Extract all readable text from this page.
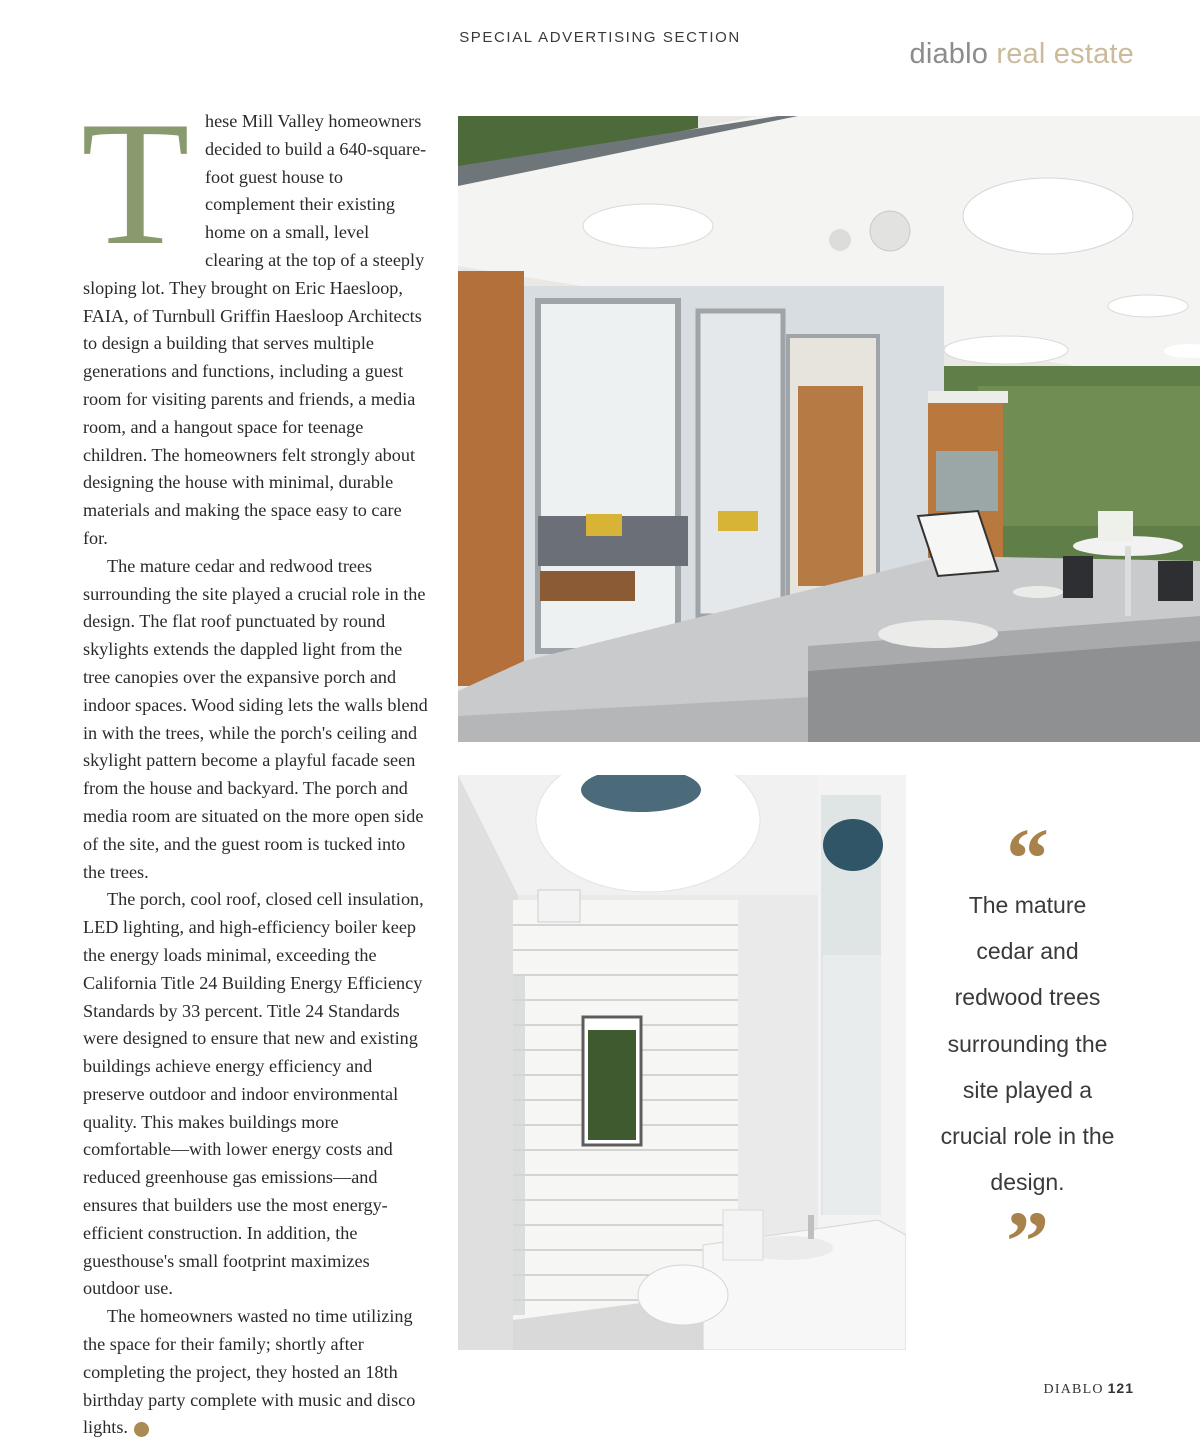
SPECIAL ADVERTISING SECTION
diablo real estate

These Mill Valley homeowners decided to build a 640-square-foot guest house to complement their existing home on a small, level clearing at the top of a steeply sloping lot. They brought on Eric Haesloop, FAIA, of Turnbull Griffin Haesloop Architects to design a building that serves multiple generations and functions, including a guest room for visiting parents and friends, a media room, and a hangout space for teenage children. The homeowners felt strongly about designing the house with minimal, durable materials and making the space easy to care for.

The mature cedar and redwood trees surrounding the site played a crucial role in the design. The flat roof punctuated by round skylights extends the dappled light from the tree canopies over the expansive porch and indoor spaces. Wood siding lets the walls blend in with the trees, while the porch's ceiling and skylight pattern become a playful facade seen from the house and backyard. The porch and media room are situated on the more open side of the site, and the guest room is tucked into the trees.

The porch, cool roof, closed cell insulation, LED lighting, and high-efficiency boiler keep the energy loads minimal, exceeding the California Title 24 Building Energy Efficiency Standards by 33 percent. Title 24 Standards were designed to ensure that new and existing buildings achieve energy efficiency and preserve outdoor and indoor environmental quality. This makes buildings more comfortable—with lower energy costs and reduced greenhouse gas emissions—and ensures that builders use the most energy-efficient construction. In addition, the guesthouse's small footprint maximizes outdoor use.

The homeowners wasted no time utilizing the space for their family; shortly after completing the project, they hosted an 18th birthday party complete with music and disco lights.	d

“
The mature cedar and redwood trees surrounding the site played a crucial role in the design.
”
DIABLO 121
